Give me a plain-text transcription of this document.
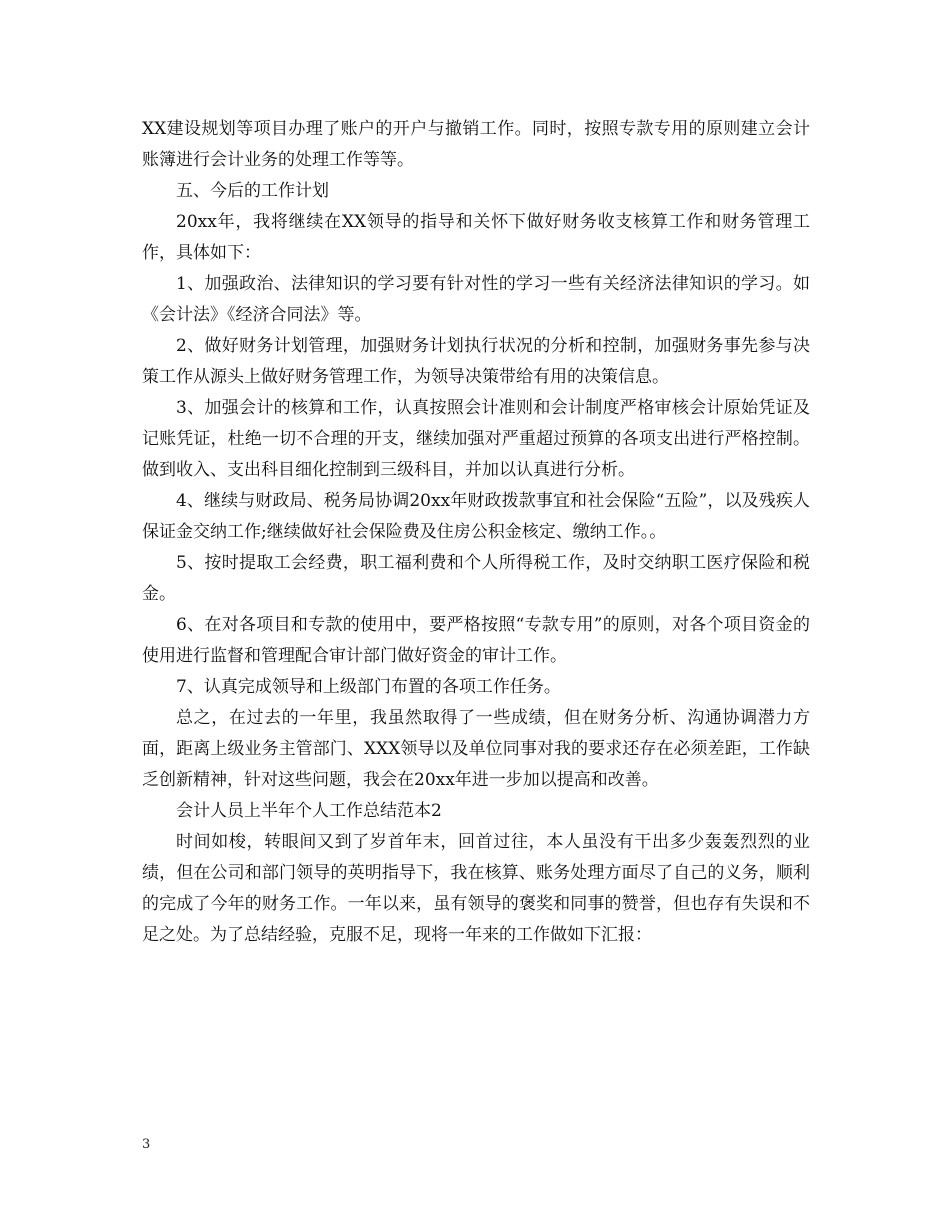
XX建设规划等项目办理了账户的开户与撤销工作。同时，按照专款专用的原则建立会计账簿进行会计业务的处理工作等等。

五、今后的工作计划

20xx年，我将继续在XX领导的指导和关怀下做好财务收支核算工作和财务管理工作，具体如下：

1、加强政治、法律知识的学习要有针对性的学习一些有关经济法律知识的学习。如《会计法》《经济合同法》等。

2、做好财务计划管理，加强财务计划执行状况的分析和控制，加强财务事先参与决策工作从源头上做好财务管理工作，为领导决策带给有用的决策信息。

3、加强会计的核算和工作，认真按照会计准则和会计制度严格审核会计原始凭证及记账凭证，杜绝一切不合理的开支，继续加强对严重超过预算的各项支出进行严格控制。做到收入、支出科目细化控制到三级科目，并加以认真进行分析。

4、继续与财政局、税务局协调20xx年财政拨款事宜和社会保险“五险”，以及残疾人保证金交纳工作;继续做好社会保险费及住房公积金核定、缴纳工作。。

5、按时提取工会经费，职工福利费和个人所得税工作，及时交纳职工医疗保险和税金。

6、在对各项目和专款的使用中，要严格按照“专款专用”的原则，对各个项目资金的使用进行监督和管理配合审计部门做好资金的审计工作。

7、认真完成领导和上级部门布置的各项工作任务。

总之，在过去的一年里，我虽然取得了一些成绩，但在财务分析、沟通协调潜力方面，距离上级业务主管部门、XXX领导以及单位同事对我的要求还存在必须差距，工作缺乏创新精神，针对这些问题，我会在20xx年进一步加以提高和改善。

会计人员上半年个人工作总结范本2

时间如梭，转眼间又到了岁首年末，回首过往，本人虽没有干出多少轰轰烈烈的业绩，但在公司和部门领导的英明指导下，我在核算、账务处理方面尽了自己的义务，顺利的完成了今年的财务工作。一年以来，虽有领导的褒奖和同事的赞誉，但也存有失误和不足之处。为了总结经验，克服不足，现将一年来的工作做如下汇报：

3
